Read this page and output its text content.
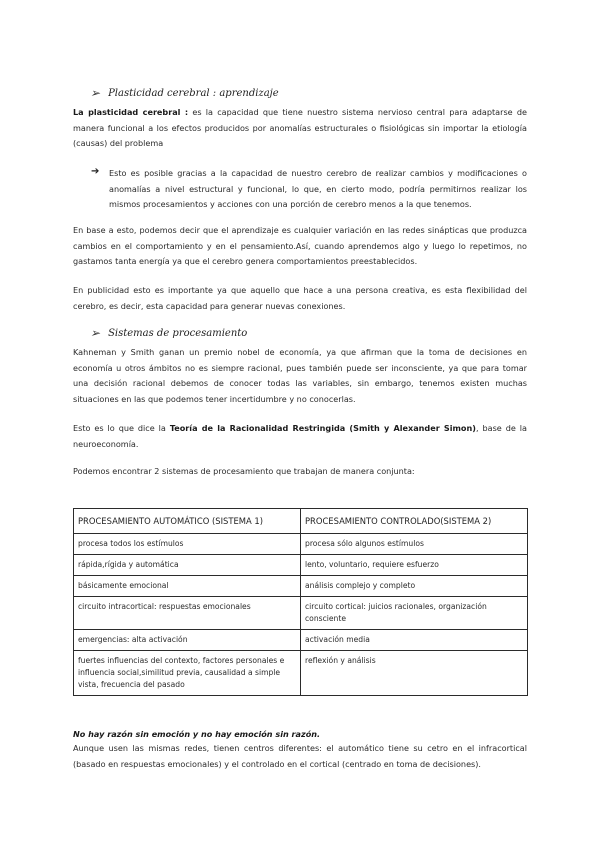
➢ Plasticidad cerebral : aprendizaje
La plasticidad cerebral : es la capacidad que tiene nuestro sistema nervioso central para adaptarse de manera funcional a los efectos producidos por anomalías estructurales o fisiológicas sin importar la etiología (causas) del problema
➔ Esto es posible gracias a la capacidad de nuestro cerebro de realizar cambios y modificaciones o anomalías a nivel estructural y funcional, lo que, en cierto modo, podría permitirnos realizar los mismos procesamientos y acciones con una porción de cerebro menos a la que tenemos.
En base a esto, podemos decir que el aprendizaje es cualquier variación en las redes sinápticas que produzca cambios en el comportamiento y en el pensamiento.Así, cuando aprendemos algo y luego lo repetimos, no gastamos tanta energía ya que el cerebro genera comportamientos preestablecidos.
En publicidad esto es importante ya que aquello que hace a una persona creativa, es esta flexibilidad del cerebro, es decir, esta capacidad para generar nuevas conexiones.
➢ Sistemas de procesamiento
Kahneman y Smith ganan un premio nobel de economía, ya que afirman que la toma de decisiones en economía u otros ámbitos no es siempre racional, pues también puede ser inconsciente, ya que para tomar una decisión racional debemos de conocer todas las variables, sin embargo, tenemos existen muchas situaciones en las que podemos tener incertidumbre y no conocerlas.
Esto es lo que dice la Teoría de la Racionalidad Restringida (Smith y Alexander Simon), base de la neuroeconomía.
Podemos encontrar 2 sistemas de procesamiento que trabajan de manera conjunta:
PROCESAMIENTO AUTOMÁTICO (SISTEMA 1)	PROCESAMIENTO CONTROLADO(SISTEMA 2)
procesa todos los estímulos	procesa sólo algunos estímulos
rápida,rígida y automática	lento, voluntario, requiere esfuerzo
básicamente emocional	análisis complejo y completo
circuito intracortical: respuestas emocionales	circuito cortical: juicios racionales, organización consciente
emergencias: alta activación	activación media
fuertes influencias del contexto, factores personales e influencia social,similitud previa, causalidad a simple vista, frecuencia del pasado	reflexión y análisis
No hay razón sin emoción y no hay emoción sin razón.
Aunque usen las mismas redes, tienen centros diferentes: el automático tiene su cetro en el infracortical (basado en respuestas emocionales) y el controlado en el cortical (centrado en toma de decisiones).
